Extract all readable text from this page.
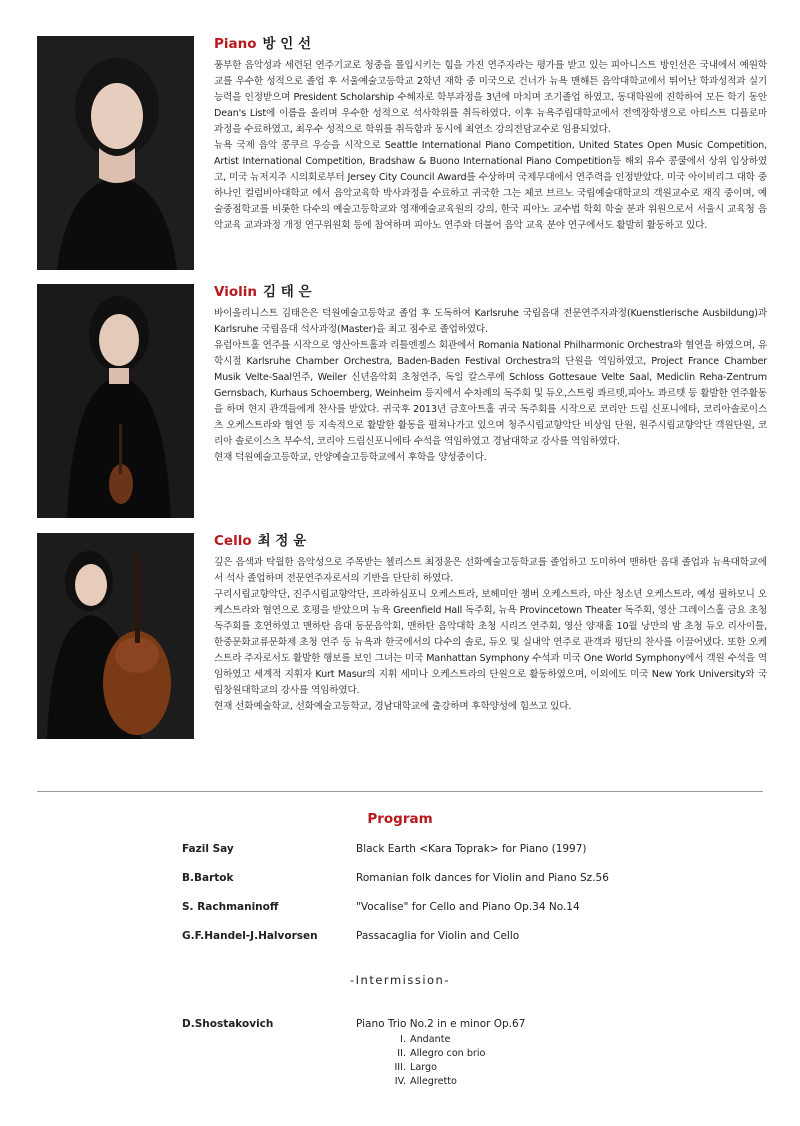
Piano 방 인 선

풍부한 음악성과 세련된 연주기교로 청중을 몰입시키는 힘을 가진 연주자라는 평가를 받고 있는 피아니스트 방인선은 국내에서 예원학교를 우수한 성적으로 졸업 후 서울예술고등학교 2학년 재학 중 미국으로 건너가 뉴욕 맨해튼 음악대학교에서 뛰어난 학과성적과 실기능력을 인정받으며 President Scholarship 수혜자로 학부과정을 3년에 마치며 조기졸업 하였고, 동대학원에 진학하여 모든 학기 동안 Dean's List에 이름을 올리며 우수한 성적으로 석사학위를 취득하였다. 이후 뉴욕주립대학교에서 전액장학생으로 아티스트 디플로마 과정을 수료하였고, 최우수 성적으로 학위를 취득함과 동시에 최연소 강의전담교수로 임용되었다.

뉴욕 국제 음악 콩쿠르 우승을 시작으로 Seattle International Piano Competition, United States Open Music Competition, Artist International Competition, Bradshaw & Buono International Piano Competition등 해외 유수 콩쿨에서 상위 입상하였고, 미국 뉴저지주 시의회로부터 Jersey City Council Award를 수상하며 국제무대에서 연주력을 인정받았다. 미국 아이비리그 대학 중 하나인 컬럼비아대학교 에서 음악교육학 박사과정을 수료하고 귀국한 그는 체코 브르노 국립예술대학교의 객원교수로 재직 중이며, 예술중점학교를 비롯한 다수의 예술고등학교와 영재예술교육원의 강의, 한국 피아노 교수법 학회 학술 분과 위원으로서 서울시 교육청 음악교육 교과과정 개정 연구위원회 등에 참여하며 피아노 연주와 더불어 음악 교육 분야 연구에서도 활발히 활동하고 있다.

Violin 김 태 은

바이올리니스트 김태은은 덕원예술고등학교 졸업 후 도독하여 Karlsruhe 국립음대 전문연주자과정(Kuenstlerische Ausbildung)과 Karlsruhe 국립음대 석사과정(Master)을 최고 점수로 졸업하였다.

유럽아트홀 연주를 시작으로 영산아트홀과 리틀엔젤스 회관에서 Romania National Philharmonic Orchestra와 협연을 하였으며, 유학시절 Karlsruhe Chamber Orchestra, Baden-Baden Festival Orchestra의 단원을 역임하였고, Project France Chamber Musik Velte-Saal연주, Weiler 신년음악회 초청연주, 독일 칼스루에 Schloss Gottesaue Velte Saal, Mediclin Reha-Zentrum Gernsbach, Kurhaus Schoemberg, Weinheim 등지에서 수차례의 독주회 및 듀오,스트링 콰르텟,피아노 콰르텟 등 활발한 연주활동을 하며 현지 관객들에게 찬사를 받았다. 귀국후 2013년 금호아트홀 귀국 독주회를 시작으로 코리안 드림 신포니에타, 코리아솔로이스츠 오케스트라와 협연 등 지속적으로 활발한 활동을 펼쳐나가고 있으며 청주시립교향악단 비상임 단원, 원주시립교향악단 객원단원, 코리아 솔로이스츠 부수석, 코리아 드림신포니에타 수석을 역임하였고 경남대학교 강사를 역임하였다.

현재 덕원예술고등학교, 안양예술고등학교에서 후학을 양성중이다.

Cello 최 정 윤

깊은 음색과 탁월한 음악성으로 주목받는 첼리스트 최정윤은 선화예술고등학교를 졸업하고 도미하여 맨하탄 음대 졸업과 뉴욕대학교에서 석사 졸업하며 전문연주자로서의 기반을 단단히 하였다.

구리시립교향악단, 진주시립교향악단, 프라하심포니 오케스트라, 보헤미안 챔버 오케스트라, 마산 청소년 오케스트라, 예성 필하모니 오케스트라와 협연으로 호평을 받았으며 뉴욕 Greenfield Hall 독주회, 뉴욕 Provincetown Theater 독주회, 영산 그레이스홀 금요 초청 독주회를 호연하였고 맨하탄 음대 동문음악회, 맨하탄 음악대학 초청 시리즈 연주회, 영산 양재홀 10월 낭만의 밤 초청 듀오 리사이틀, 한중문화교류문화제 초청 연주 등 뉴욕과 한국에서의 다수의 솔로, 듀오 및 실내악 연주로 관객과 평단의 찬사를 이끌어냈다. 또한 오케스트라 주자로서도 활발한 행보를 보인 그녀는 미국 Manhattan Symphony 수석과 미국 One World Symphony에서 객원 수석을 역임하였고 세계적 지휘자 Kurt Masur의 지휘 세미나 오케스트라의 단원으로 활동하였으며, 이외에도 미국 New York University와 국립창원대학교의 강사를 역임하였다.

현재 선화예술학교, 선화예술고등학교, 경남대학교에 출강하며 후학양성에 힘쓰고 있다.

Program
Fazil Say	Black Earth <Kara Toprak> for Piano (1997)
B.Bartok	Romanian folk dances for Violin and Piano Sz.56
S. Rachmaninoff	"Vocalise" for Cello and Piano Op.34 No.14
G.F.Handel-J.Halvorsen	Passacaglia for Violin and Cello
-Intermission-
D.Shostakovich	Piano Trio No.2 in e minor Op.67
I. Andante
II. Allegro con brio
III. Largo
IV. Allegretto
